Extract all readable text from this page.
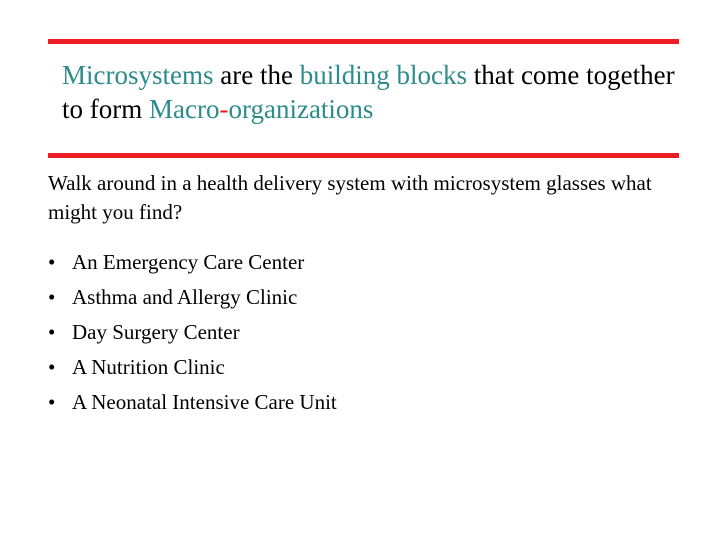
Microsystems are the building blocks that come together to form Macro-organizations

Walk around in a health delivery system with microsystem glasses what might you find?

• An Emergency Care Center
• Asthma and Allergy Clinic
• Day Surgery Center
• A Nutrition Clinic
• A Neonatal Intensive Care Unit
